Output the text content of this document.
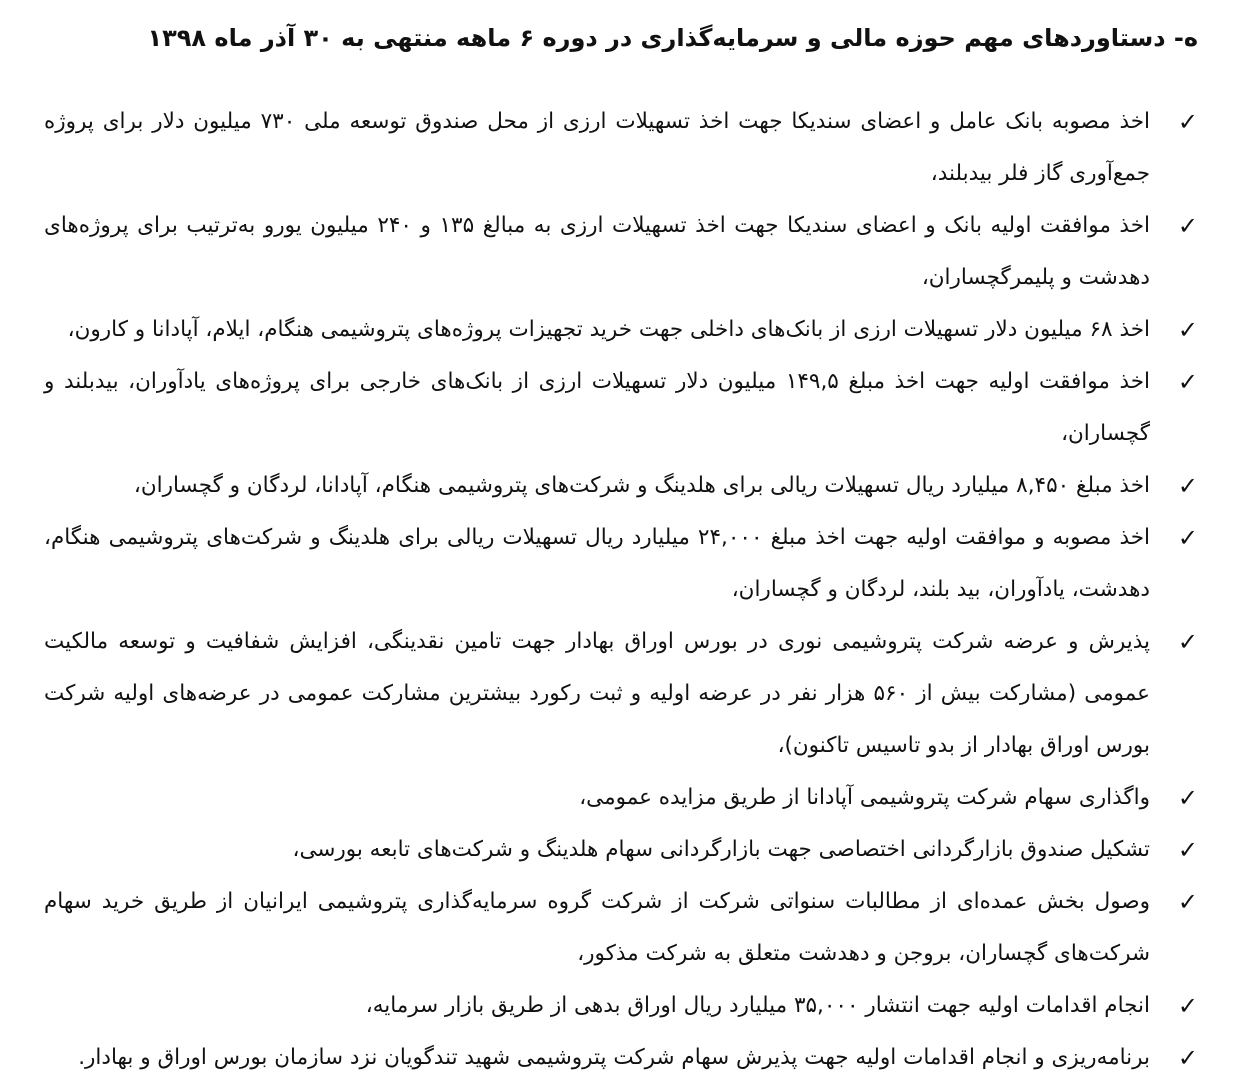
ه- دستاوردهای مهم حوزه مالی و سرمایه‌گذاری در دوره ۶ ماهه منتهی به ۳۰ آذر ماه ۱۳۹۸
✓
اخذ مصوبه بانک عامل و اعضای سندیکا جهت اخذ تسهیلات ارزی از محل صندوق توسعه ملی ۷۳۰ میلیون دلار برای پروژه جمع‌آوری گاز فلر بیدبلند،
✓
اخذ موافقت اولیه بانک و اعضای سندیکا جهت اخذ تسهیلات ارزی به مبالغ ۱۳۵ و ۲۴۰ میلیون یورو به‌ترتیب برای پروژه‌های دهدشت و پلیمرگچساران،
✓
اخذ ۶۸ میلیون دلار تسهیلات ارزی از بانک‌های داخلی جهت خرید تجهیزات پروژه‌های پتروشیمی هنگام، ایلام، آپادانا و کارون،
✓
اخذ موافقت اولیه جهت اخذ مبلغ ۱۴۹,۵ میلیون دلار تسهیلات ارزی از بانک‌های خارجی برای پروژه‌های یادآوران، بیدبلند و گچساران،
✓
اخذ مبلغ ۸,۴۵۰ میلیارد ریال تسهیلات ریالی برای هلدینگ و شرکت‌های پتروشیمی هنگام، آپادانا، لردگان و گچساران،
✓
اخذ مصوبه و موافقت اولیه جهت اخذ مبلغ ۲۴,۰۰۰ میلیارد ریال تسهیلات ریالی برای هلدینگ و شرکت‌های پتروشیمی هنگام، دهدشت، یادآوران، بید بلند، لردگان و گچساران،
✓
پذیرش و عرضه شرکت پتروشیمی نوری در بورس اوراق بهادار جهت تامین نقدینگی، افزایش شفافیت و توسعه مالکیت عمومی (مشارکت بیش از ۵۶۰ هزار نفر در عرضه اولیه و ثبت رکورد بیشترین مشارکت عمومی در عرضه‌های اولیه شرکت بورس اوراق بهادار از بدو تاسیس تاکنون)،
✓
واگذاری سهام شرکت پتروشیمی آپادانا از طریق مزایده عمومی،
✓
تشکیل صندوق بازارگردانی اختصاصی جهت بازارگردانی سهام هلدینگ و شرکت‌های تابعه بورسی،
✓
وصول بخش عمده‌ای از مطالبات سنواتی شرکت از شرکت گروه سرمایه‌گذاری پتروشیمی ایرانیان از طریق خرید سهام شرکت‌های گچساران، بروجن و دهدشت متعلق به شرکت مذکور،
✓
انجام اقدامات اولیه جهت انتشار ۳۵,۰۰۰ میلیارد ریال اوراق بدهی از طریق بازار سرمایه،
✓
برنامه‌ریزی و انجام اقدامات اولیه جهت پذیرش سهام شرکت پتروشیمی شهید تندگویان نزد سازمان بورس اوراق و بهادار.
